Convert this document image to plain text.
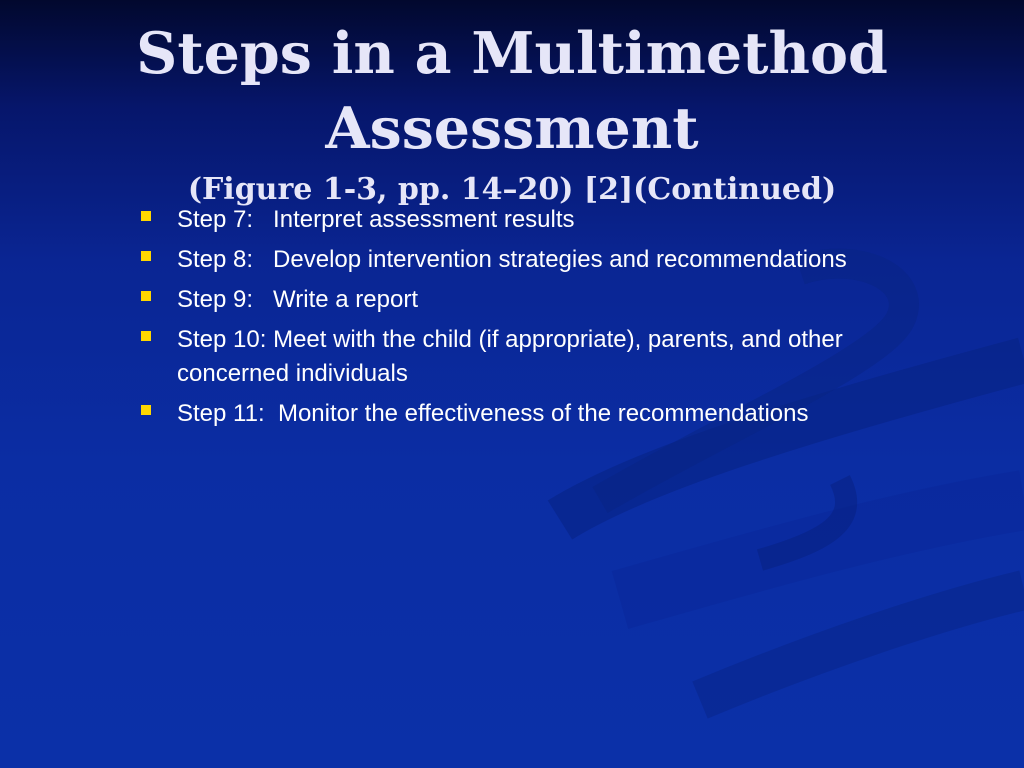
Steps in a Multimethod
Assessment
(Figure 1-3, pp. 14–20) [2](Continued)
Step 7:   Interpret assessment results
Step 8:   Develop intervention strategies and recommendations
Step 9:   Write a report
Step 10: Meet with the child (if appropriate), parents, and other concerned individuals
Step 11:  Monitor the effectiveness of the recommendations
